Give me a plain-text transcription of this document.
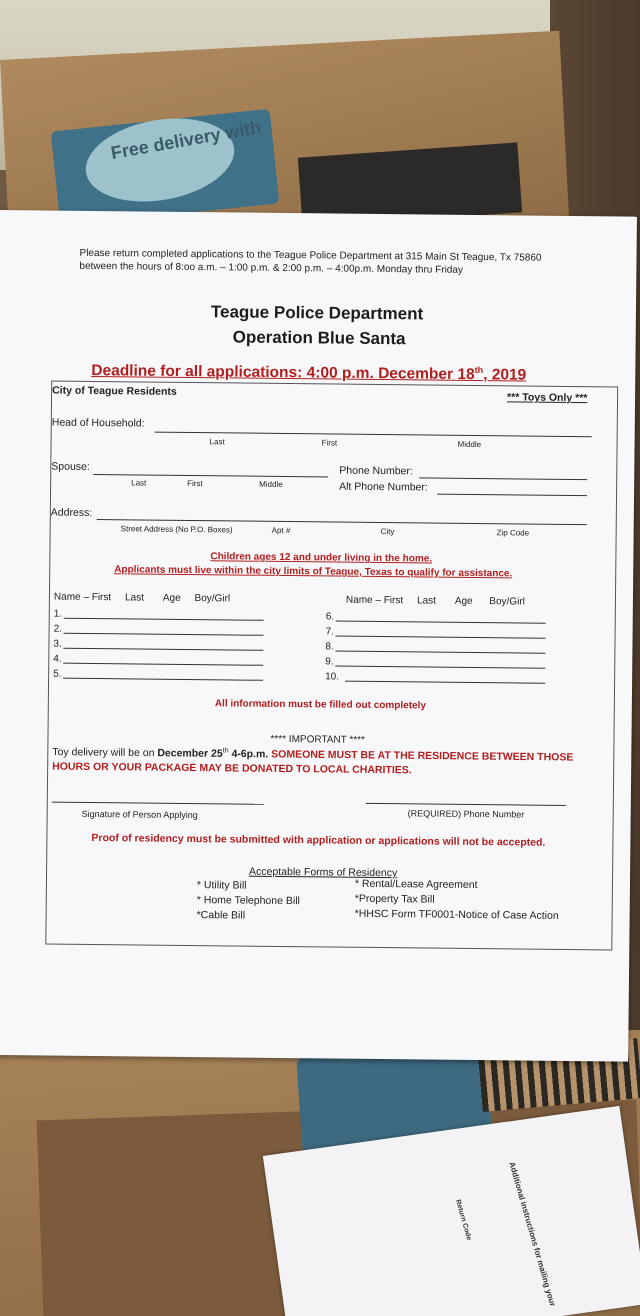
Free delivery with
Additional instructions for mailing your
Return Code
Please return completed applications to the Teague Police Department at 315 Main St Teague, Tx 75860
between the hours of 8:oo a.m. – 1:00 p.m. & 2:00 p.m. – 4:00p.m. Monday thru Friday
Teague Police Department
Operation Blue Santa
Deadline for all applications: 4:00 p.m. December 18th, 2019
City of Teague Residents	*** Toys Only ***
Head of Household:
Last	First	Middle
Spouse:	Phone Number:
Last	First	Middle	Alt Phone Number:
Address:
Street Address (No P.O. Boxes)	Apt #	City	Zip Code
Children ages 12 and under living in the home.
Applicants must live within the city limits of Teague, Texas to qualify for assistance.
Name – First     Last       Age     Boy/Girl	Name – First     Last       Age      Boy/Girl
1.
2.
3.
4.
5.
6.
7.
8.
9.
10.
All information must be filled out completely
**** IMPORTANT ****
Toy delivery will be on December 25th 4-6p.m. SOMEONE MUST BE AT THE RESIDENCE BETWEEN THOSE
HOURS OR YOUR PACKAGE MAY BE DONATED TO LOCAL CHARITIES.
Signature of Person Applying	(REQUIRED) Phone Number
Proof of residency must be submitted with application or applications will not be accepted.
Acceptable Forms of Residency
* Utility Bill
* Home Telephone Bill
*Cable Bill
* Rental/Lease Agreement
*Property Tax Bill
*HHSC Form TF0001-Notice of Case Action
